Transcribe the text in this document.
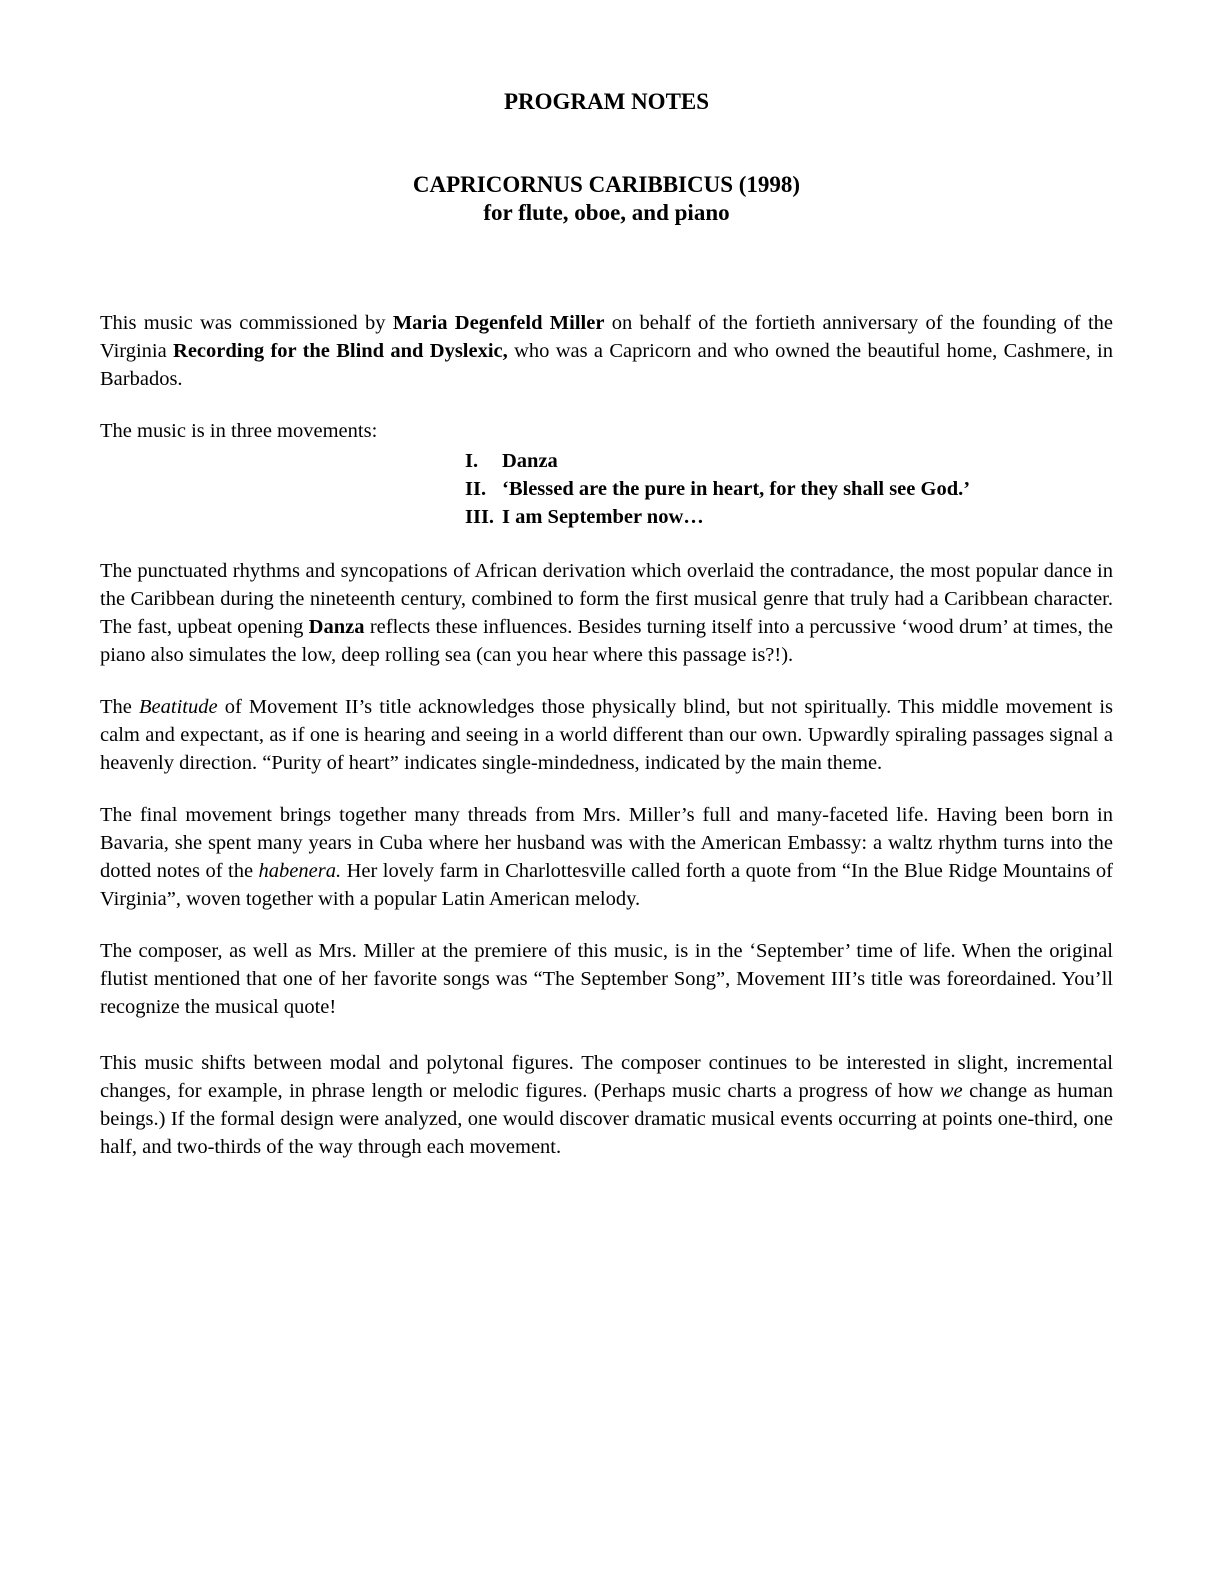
PROGRAM NOTES
CAPRICORNUS CARIBBICUS (1998)
for flute, oboe, and piano

This music was commissioned by Maria Degenfeld Miller on behalf of the fortieth anniversary of the founding of the Virginia Recording for the Blind and Dyslexic, who was a Capricorn and who owned the beautiful home, Cashmere, in Barbados.

The music is in three movements:

I.	Danza
II. ‘Blessed are the pure in heart, for they shall see God.’
III. I am September now…

The punctuated rhythms and syncopations of African derivation which overlaid the contradance, the most popular dance in the Caribbean during the nineteenth century, combined to form the first musical genre that truly had a Caribbean character. The fast, upbeat opening Danza reflects these influences. Besides turning itself into a percussive ‘wood drum’ at times, the piano also simulates the low, deep rolling sea (can you hear where this passage is?!).

The Beatitude of Movement II’s title acknowledges those physically blind, but not spiritually. This middle movement is calm and expectant, as if one is hearing and seeing in a world different than our own. Upwardly spiraling passages signal a heavenly direction. “Purity of heart” indicates single-mindedness, indicated by the main theme.

The final movement brings together many threads from Mrs. Miller’s full and many-faceted life. Having been born in Bavaria, she spent many years in Cuba where her husband was with the American Embassy: a waltz rhythm turns into the dotted notes of the habenera. Her lovely farm in Charlottesville called forth a quote from “In the Blue Ridge Mountains of Virginia”, woven together with a popular Latin American melody.

The composer, as well as Mrs. Miller at the premiere of this music, is in the ‘September’ time of life. When the original flutist mentioned that one of her favorite songs was “The September Song”, Movement III’s title was foreordained. You’ll recognize the musical quote!

This music shifts between modal and polytonal figures. The composer continues to be interested in slight, incremental changes, for example, in phrase length or melodic figures. (Perhaps music charts a progress of how we change as human beings.) If the formal design were analyzed, one would discover dramatic musical events occurring at points one-third, one half, and two-thirds of the way through each movement.
